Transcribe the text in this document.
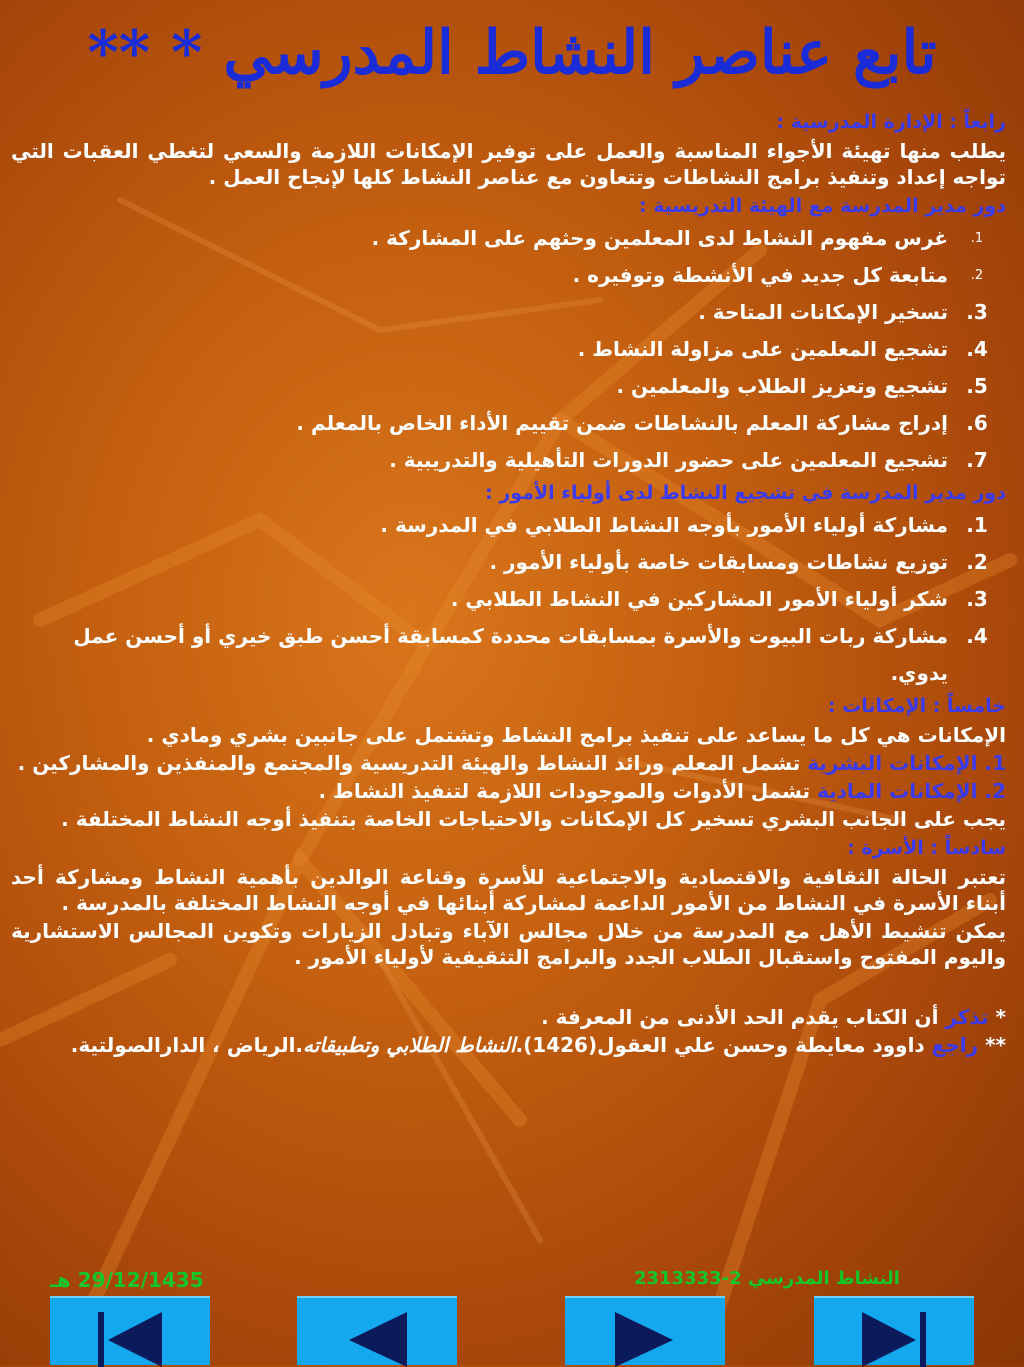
تابع عناصر النشاط المدرسي * **
رابعاً : الإدارة المدرسية :
يطلب منها تهيئة الأجواء المناسبة والعمل على توفير الإمكانات اللازمة والسعي لتغطي العقبات التي تواجه إعداد وتنفيذ برامج النشاطات وتتعاون مع عناصر النشاط كلها لإنجاح العمل .
دور مدير المدرسة مع الهيئة التدريسية :
1.
غرس مفهوم النشاط لدى المعلمين وحثهم على المشاركة .
2.
متابعة كل جديد في الأنشطة وتوفيره .
3.
تسخير الإمكانات المتاحة .
4.
تشجيع المعلمين على مزاولة النشاط .
5.
تشجيع وتعزيز الطلاب والمعلمين .
6.
إدراج مشاركة المعلم بالنشاطات ضمن تقييم الأداء الخاص بالمعلم .
7.
تشجيع المعلمين على حضور الدورات التأهيلية والتدريبية .
دور مدير المدرسة في تشجيع النشاط لدى أولياء الأمور :
1.
مشاركة أولياء الأمور بأوجه النشاط الطلابي في المدرسة .
2.
توزيع نشاطات ومسابقات خاصة بأولياء الأمور .
3.
شكر أولياء الأمور المشاركين في النشاط الطلابي .
4.
مشاركة ربات البيوت والأسرة بمسابقات محددة كمسابقة أحسن طبق خيري أو أحسن عمل يدوي.
خامساً : الإمكانات :
الإمكانات هي كل ما يساعد على تنفيذ برامج النشاط وتشتمل على جانبين بشري ومادي .
1. الإمكانات البشرية تشمل المعلم ورائد النشاط والهيئة التدريسية والمجتمع والمنفذين والمشاركين .
2. الإمكانات المادية تشمل الأدوات والموجودات اللازمة لتنفيذ النشاط .
يجب على الجانب البشري تسخير كل الإمكانات والاحتياجات الخاصة بتنفيذ أوجه النشاط المختلفة .
سادساً : الأسرة :
تعتبر الحالة الثقافية والاقتصادية والاجتماعية للأسرة وقناعة الوالدين بأهمية النشاط ومشاركة أحد أبناء الأسرة في النشاط من الأمور الداعمة لمشاركة أبنائها في أوجه النشاط المختلفة بالمدرسة .
يمكن تنشيط الأهل مع المدرسة من خلال مجالس الآباء وتبادل الزيارات وتكوين المجالس الاستشارية واليوم المفتوح واستقبال الطلاب الجدد والبرامج التثقيفية لأولياء الأمور .
* تذكر أن الكتاب يقدم الحد الأدنى من المعرفة .
** راجع داوود معايطة وحسن علي العقول(1426).النشاط الطلابي وتطبيقاته.الرياض ، الدارالصولتية.
29/12/1435 هـ	النشاط المدرسي 2-2313333
